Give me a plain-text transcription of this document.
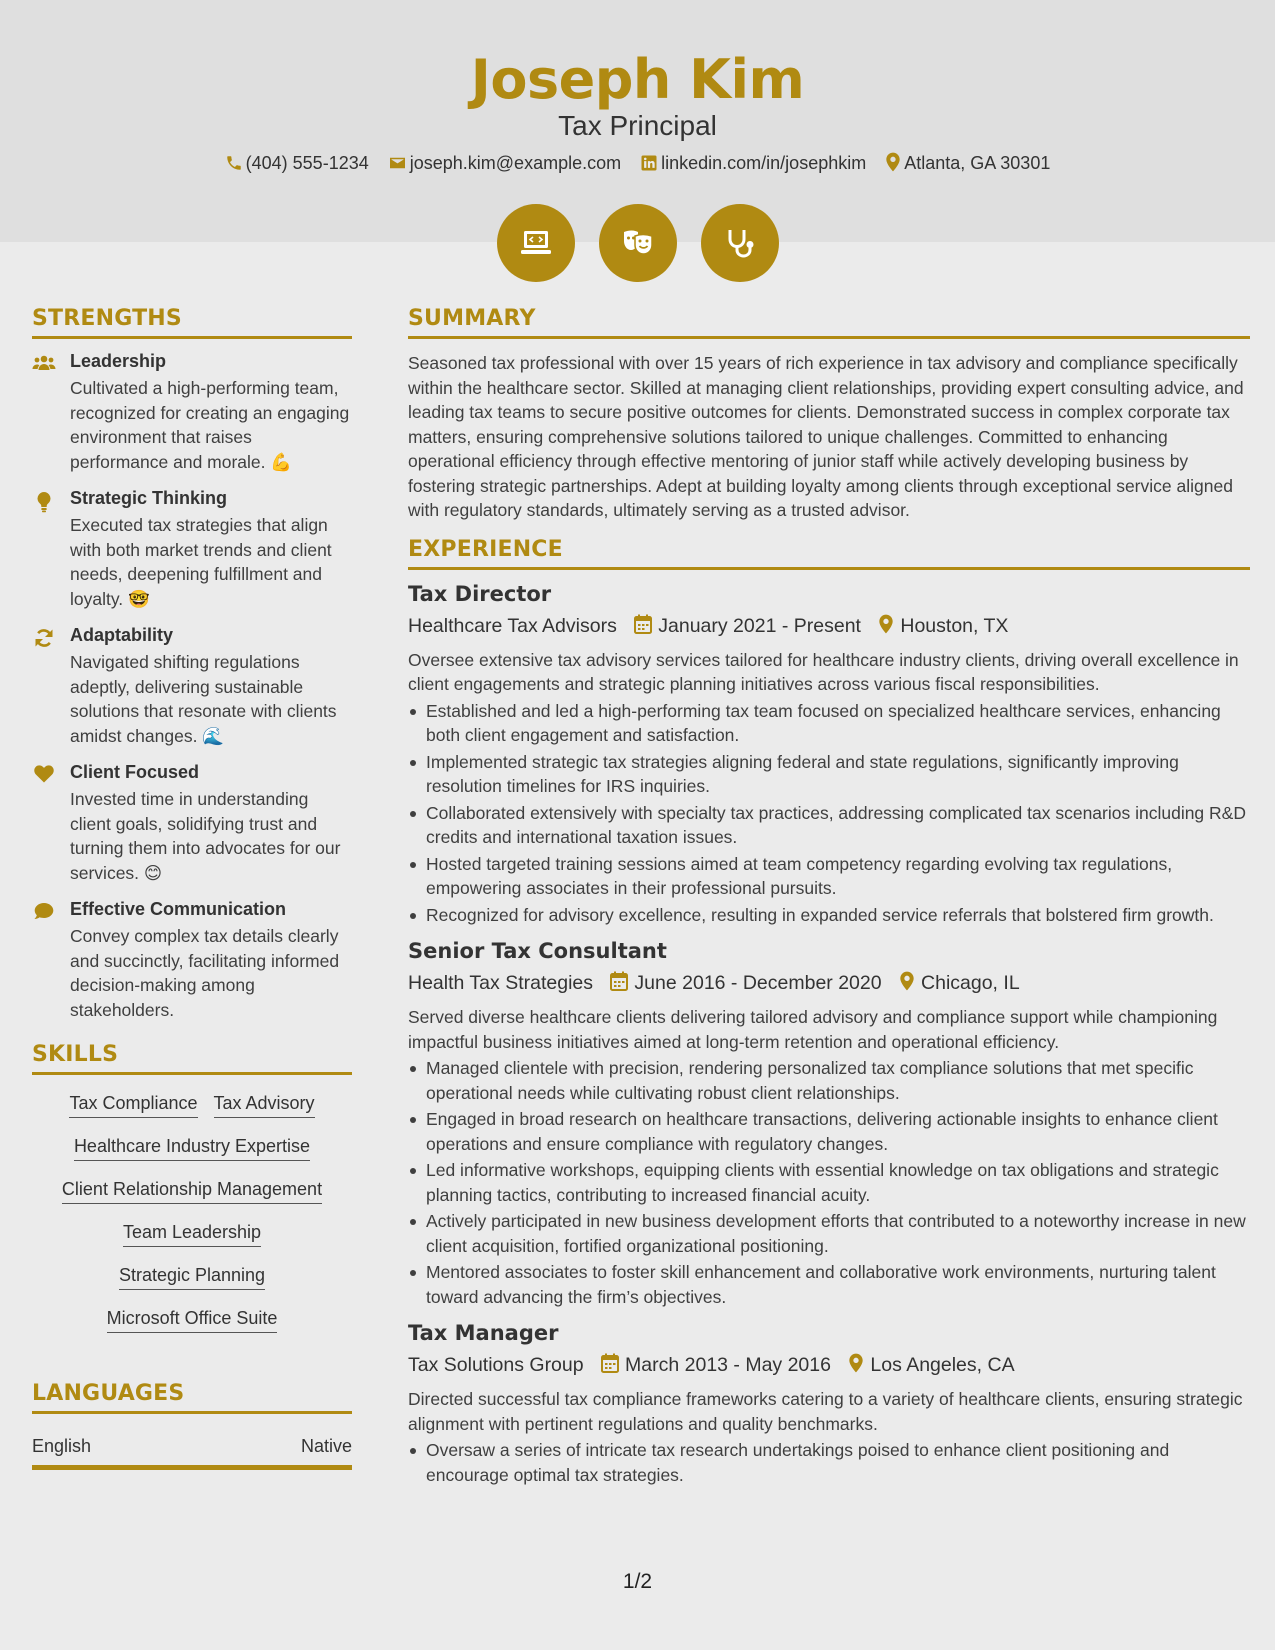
Joseph Kim
Tax Principal
(404) 555-1234 joseph.kim@example.com linkedin.com/in/josephkim Atlanta, GA 30301

STRENGTHS
Leadership
Cultivated a high-performing team, recognized for creating an engaging environment that raises performance and morale. 💪
Strategic Thinking
Executed tax strategies that align with both market trends and client needs, deepening fulfillment and loyalty. 🤓
Adaptability
Navigated shifting regulations adeptly, delivering sustainable solutions that resonate with clients amidst changes. 🌊
Client Focused
Invested time in understanding client goals, solidifying trust and turning them into advocates for our services. 😊
Effective Communication
Convey complex tax details clearly and succinctly, facilitating informed decision-making among stakeholders.
SKILLS
Tax Compliance Tax Advisory
Healthcare Industry Expertise
Client Relationship Management
Team Leadership
Strategic Planning
Microsoft Office Suite
LANGUAGES
English	Native
SUMMARY
Seasoned tax professional with over 15 years of rich experience in tax advisory and compliance specifically within the healthcare sector. Skilled at managing client relationships, providing expert consulting advice, and leading tax teams to secure positive outcomes for clients. Demonstrated success in complex corporate tax matters, ensuring comprehensive solutions tailored to unique challenges. Committed to enhancing operational efficiency through effective mentoring of junior staff while actively developing business by fostering strategic partnerships. Adept at building loyalty among clients through exceptional service aligned with regulatory standards, ultimately serving as a trusted advisor.
EXPERIENCE
Tax Director
Healthcare Tax Advisors January 2021 - Present Houston, TX
Oversee extensive tax advisory services tailored for healthcare industry clients, driving overall excellence in client engagements and strategic planning initiatives across various fiscal responsibilities.
Established and led a high-performing tax team focused on specialized healthcare services, enhancing both client engagement and satisfaction.
Implemented strategic tax strategies aligning federal and state regulations, significantly improving resolution timelines for IRS inquiries.
Collaborated extensively with specialty tax practices, addressing complicated tax scenarios including R&D credits and international taxation issues.
Hosted targeted training sessions aimed at team competency regarding evolving tax regulations, empowering associates in their professional pursuits.
Recognized for advisory excellence, resulting in expanded service referrals that bolstered firm growth.
Senior Tax Consultant
Health Tax Strategies June 2016 - December 2020 Chicago, IL
Served diverse healthcare clients delivering tailored advisory and compliance support while championing impactful business initiatives aimed at long-term retention and operational efficiency.
Managed clientele with precision, rendering personalized tax compliance solutions that met specific operational needs while cultivating robust client relationships.
Engaged in broad research on healthcare transactions, delivering actionable insights to enhance client operations and ensure compliance with regulatory changes.
Led informative workshops, equipping clients with essential knowledge on tax obligations and strategic planning tactics, contributing to increased financial acuity.
Actively participated in new business development efforts that contributed to a noteworthy increase in new client acquisition, fortified organizational positioning.
Mentored associates to foster skill enhancement and collaborative work environments, nurturing talent toward advancing the firm’s objectives.
Tax Manager
Tax Solutions Group March 2013 - May 2016 Los Angeles, CA
Directed successful tax compliance frameworks catering to a variety of healthcare clients, ensuring strategic alignment with pertinent regulations and quality benchmarks.
Oversaw a series of intricate tax research undertakings poised to enhance client positioning and encourage optimal tax strategies.
1/2
